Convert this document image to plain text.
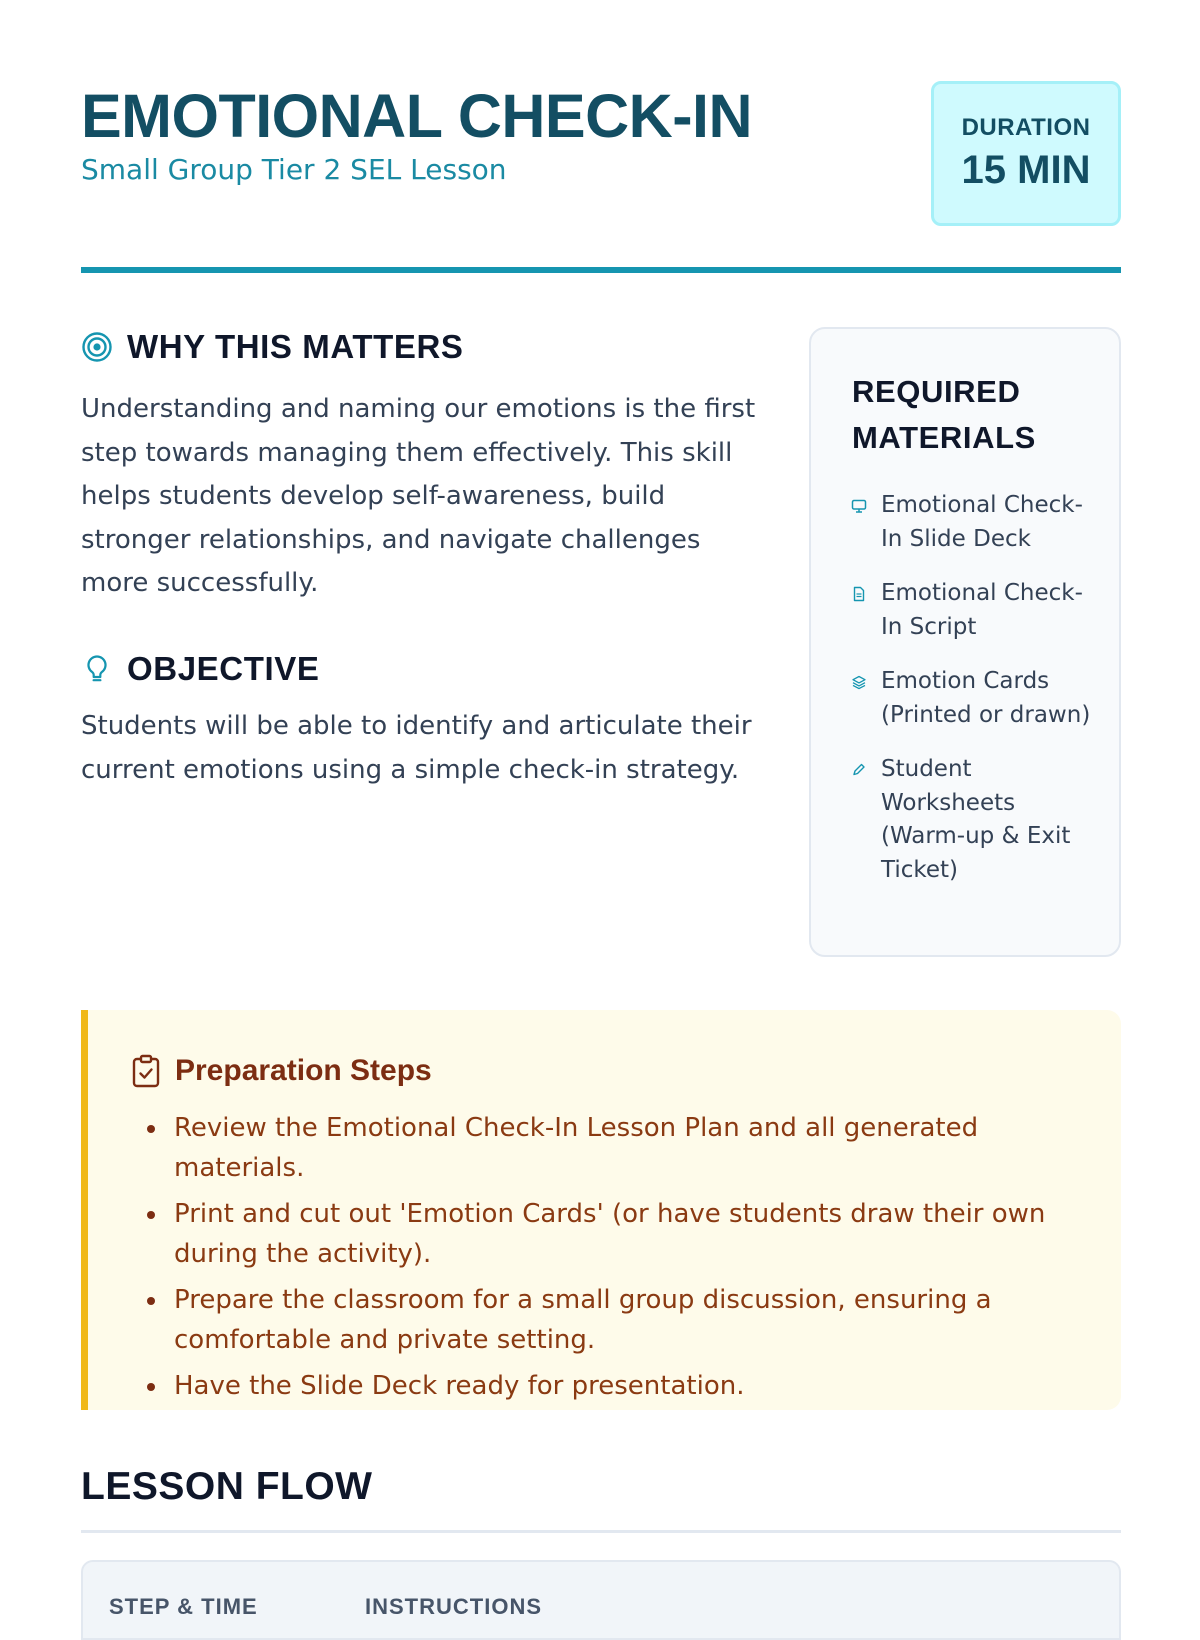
EMOTIONAL CHECK-IN
Small Group Tier 2 SEL Lesson
DURATION
15 MIN
WHY THIS MATTERS

Understanding and naming our emotions is the first step towards managing them effectively. This skill helps students develop self-awareness, build stronger relationships, and navigate challenges more successfully.

OBJECTIVE

Students will be able to identify and articulate their current emotions using a simple check-in strategy.

REQUIRED MATERIALS
Emotional Check-In Slide Deck
Emotional Check-In Script
Emotion Cards (Printed or drawn)
Student Worksheets (Warm-up & Exit Ticket)
Preparation Steps
Review the Emotional Check-In Lesson Plan and all generated materials.
Print and cut out 'Emotion Cards' (or have students draw their own during the activity).
Prepare the classroom for a small group discussion, ensuring a comfortable and private setting.
Have the Slide Deck ready for presentation.
LESSON FLOW
STEP & TIME	INSTRUCTIONS
